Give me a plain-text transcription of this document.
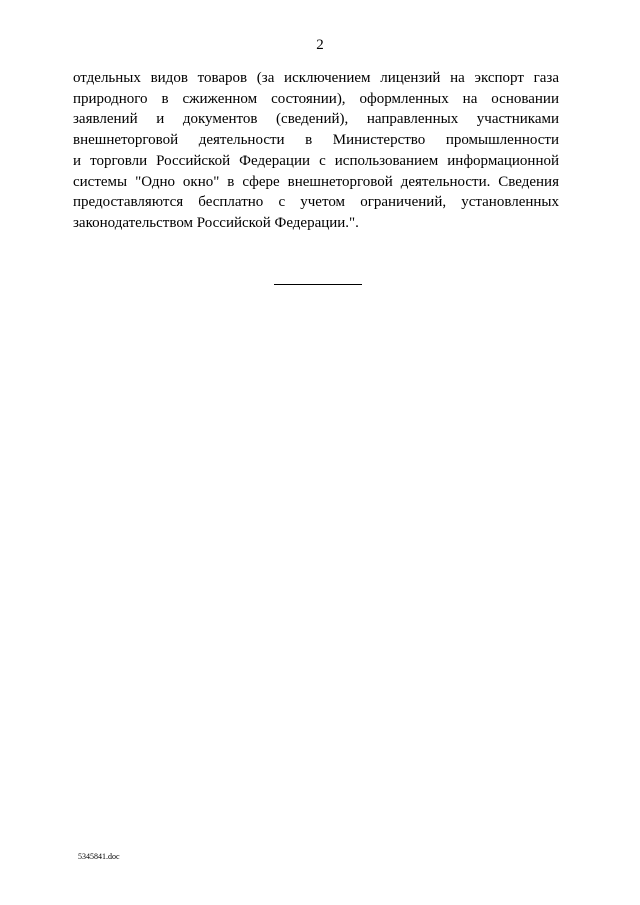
2
отдельных видов товаров (за исключением лицензий на экспорт газа
природного в сжиженном состоянии), оформленных на основании
заявлений и документов (сведений), направленных участниками
внешнеторговой деятельности в Министерство промышленности
и торговли Российской Федерации с использованием информационной
системы "Одно окно" в сфере внешнеторговой деятельности. Сведения
предоставляются бесплатно с учетом ограничений, установленных
законодательством Российской Федерации.".
5345841.doc
